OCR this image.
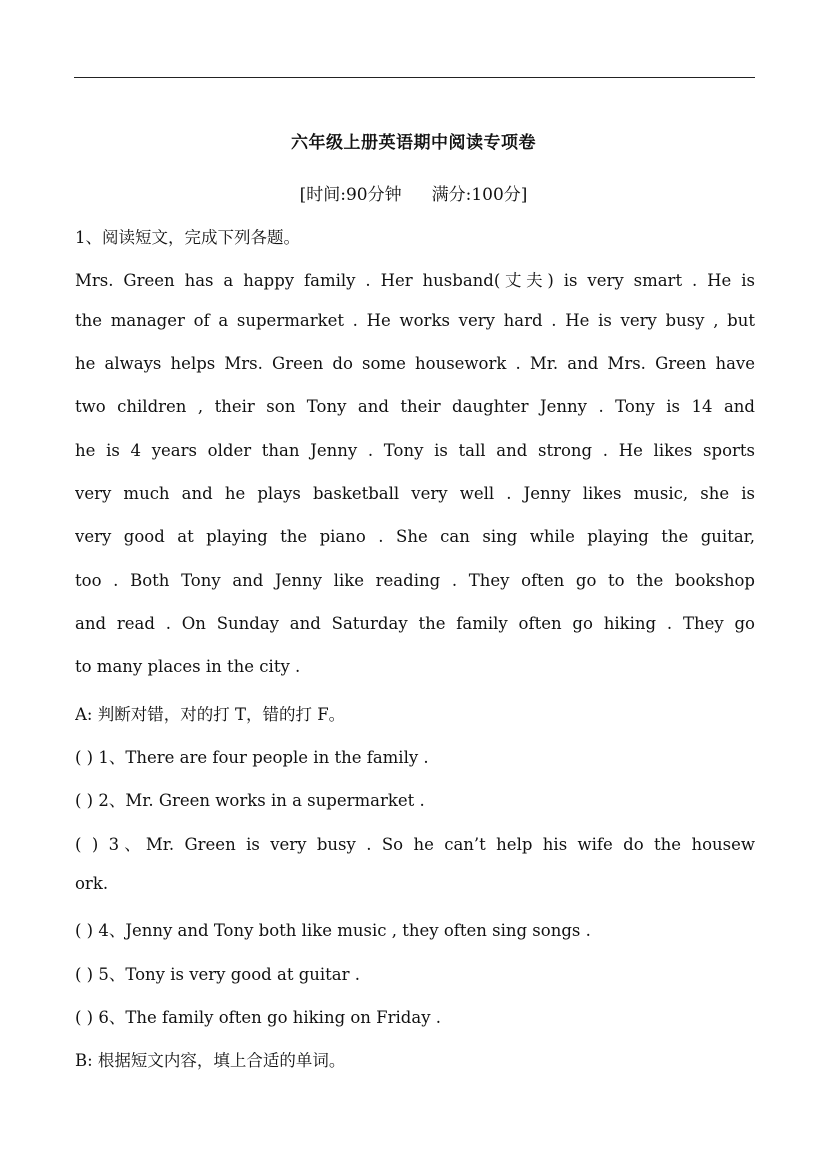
六年级上册英语期中阅读专项卷
[时间:90分钟 满分:100分]
1、阅读短文，完成下列各题。
Mrs. Green has a happy family . Her husband(丈夫) is very smart . He is
the manager of a supermarket . He works very hard . He is very busy , but
he always helps Mrs. Green do some housework . Mr. and Mrs. Green have
two children , their son Tony and their daughter Jenny . Tony is 14 and
he is 4 years older than Jenny . Tony is tall and strong . He likes sports
very much and he plays basketball very well . Jenny likes music, she is
very good at playing the piano . She can sing while playing the guitar,
too . Both Tony and Jenny like reading . They often go to the bookshop
and read . On Sunday and Saturday the family often go hiking . They go
to many places in the city .
A: 判断对错，对的打 T，错的打 F。
( ) 1、There are four people in the family .
( ) 2、Mr. Green works in a supermarket .
( ) 3、Mr. Green is very busy . So he can’t help his wife do the housew
ork.
( ) 4、Jenny and Tony both like music , they often sing songs .
( ) 5、Tony is very good at guitar .
( ) 6、The family often go hiking on Friday .
B: 根据短文内容，填上合适的单词。
